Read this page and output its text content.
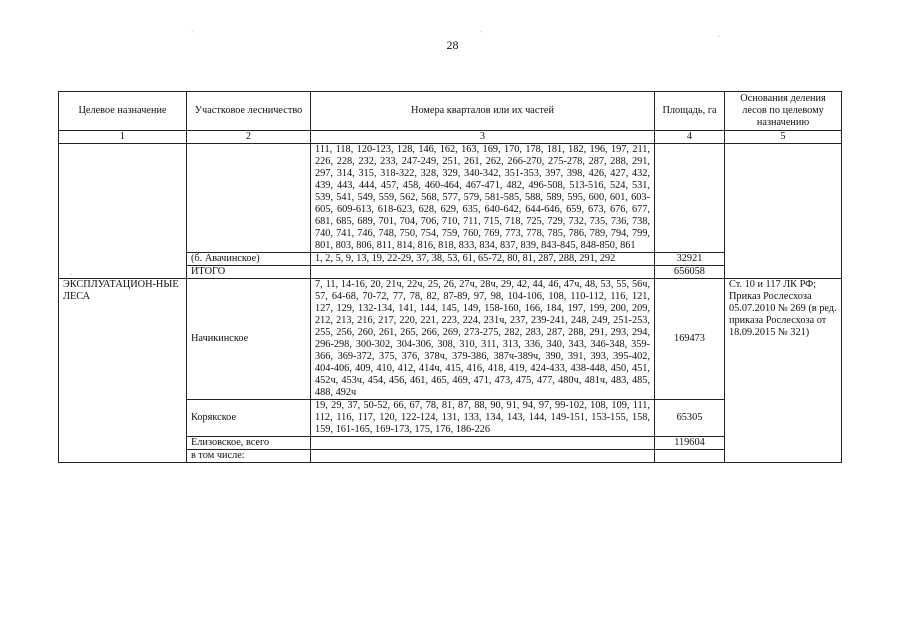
`	`	.
.
28
Целевое назначение	Участковое лесничество	Номера кварталов или их частей	Площадь, га	Основания деления лесов по целевому назначению
1	2	3	4	5
		111, 118, 120-123, 128, 146, 162, 163, 169, 170, 178, 181, 182, 196, 197, 211, 226, 228, 232, 233, 247-249, 251, 261, 262, 266-270, 275-278, 287, 288, 291, 297, 314, 315, 318-322, 328, 329, 340-342, 351-353, 397, 398, 426, 427, 432, 439, 443, 444, 457, 458, 460-464, 467-471, 482, 496-508, 513-516, 524, 531, 539, 541, 549, 559, 562, 568, 577, 579, 581-585, 588, 589, 595, 600, 601, 603-605, 609-613, 618-623, 628, 629, 635, 640-642, 644-646, 659, 673, 676, 677, 681, 685, 689, 701, 704, 706, 710, 711, 715, 718, 725, 729, 732, 735, 736, 738, 740, 741, 746, 748, 750, 754, 759, 760, 769, 773, 778, 785, 786, 789, 794, 799, 801, 803, 806, 811, 814, 816, 818, 833, 834, 837, 839, 843-845, 848-850, 861		
	(б. Авачинское)	1, 2, 5, 9, 13, 19, 22-29, 37, 38, 53, 61, 65-72, 80, 81, 287, 288, 291, 292	32921	
	ИТОГО		656058	
ЭКСПЛУАТАЦИОН-НЫЕ ЛЕСА	Начикинское	7, 11, 14-16, 20, 21ч, 22ч, 25, 26, 27ч, 28ч, 29, 42, 44, 46, 47ч, 48, 53, 55, 56ч, 57, 64-68, 70-72, 77, 78, 82, 87-89, 97, 98, 104-106, 108, 110-112, 116, 121, 127, 129, 132-134, 141, 144, 145, 149, 158-160, 166, 184, 197, 199, 200, 209, 212, 213, 216, 217, 220, 221, 223, 224, 231ч, 237, 239-241, 248, 249, 251-253, 255, 256, 260, 261, 265, 266, 269, 273-275, 282, 283, 287, 288, 291, 293, 294, 296-298, 300-302, 304-306, 308, 310, 311, 313, 336, 340, 343, 346-348, 359-366, 369-372, 375, 376, 378ч, 379-386, 387ч-389ч, 390, 391, 393, 395-402, 404-406, 409, 410, 412, 414ч, 415, 416, 418, 419, 424-433, 438-448, 450, 451, 452ч, 453ч, 454, 456, 461, 465, 469, 471, 473, 475, 477, 480ч, 481ч, 483, 485, 488, 492ч	169473	Ст. 10 и 117 ЛК РФ; Приказ Рослесхоза 05.07.2010 № 269 (в ред. приказа Рослесхоза от 18.09.2015 № 321)
	Корякское	19, 29, 37, 50-52, 66, 67, 78, 81, 87, 88, 90, 91, 94, 97, 99-102, 108, 109, 111, 112, 116, 117, 120, 122-124, 131, 133, 134, 143, 144, 149-151, 153-155, 158, 159, 161-165, 169-173, 175, 176, 186-226	65305	
	Елизовское, всего		119604	
	в том числе:			
